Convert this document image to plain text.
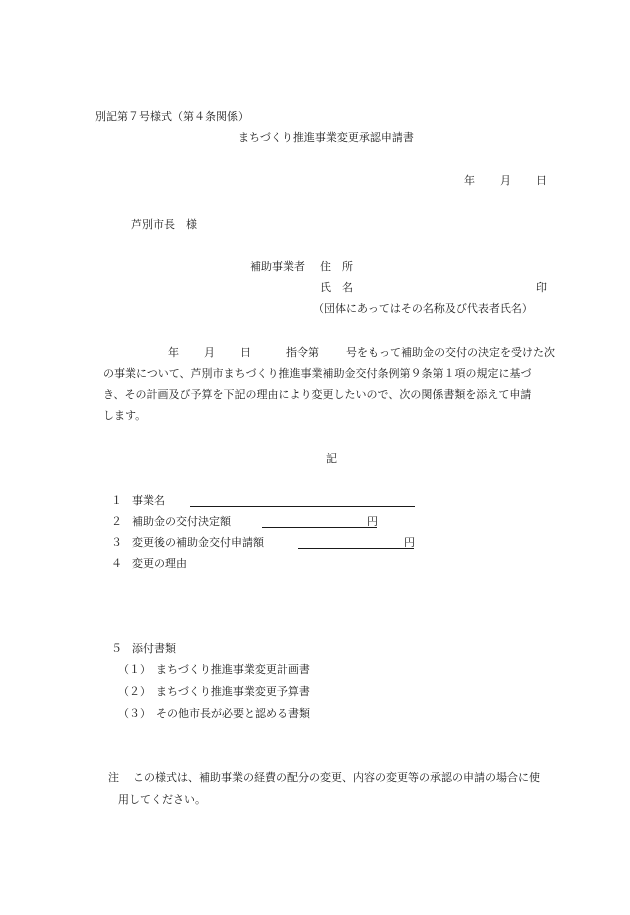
別記第７号様式（第４条関係）
まちづくり推進事業変更承認申請書
年 月 日
芦別市長　様
補助事業者 住　所
氏　名	印
（団体にあってはその名称及び代表者氏名）
年 月 日	指令第 号をもって補助金の交付の決定を受けた次
の事業について、芦別市まちづくり推進事業補助金交付条例第９条第１項の規定に基づ
き、その計画及び予算を下記の理由により変更したいので、次の関係書類を添えて申請
します。
記
１ 事業名
２ 補助金の交付決定額	円
３ 変更後の補助金交付申請額	円
４ 変更の理由
５ 添付書類
（１） まちづくり推進事業変更計画書
（２） まちづくり推進事業変更予算書
（３） その他市長が必要と認める書類
注 この様式は、補助事業の経費の配分の変更、内容の変更等の承認の申請の場合に使
用してください。
